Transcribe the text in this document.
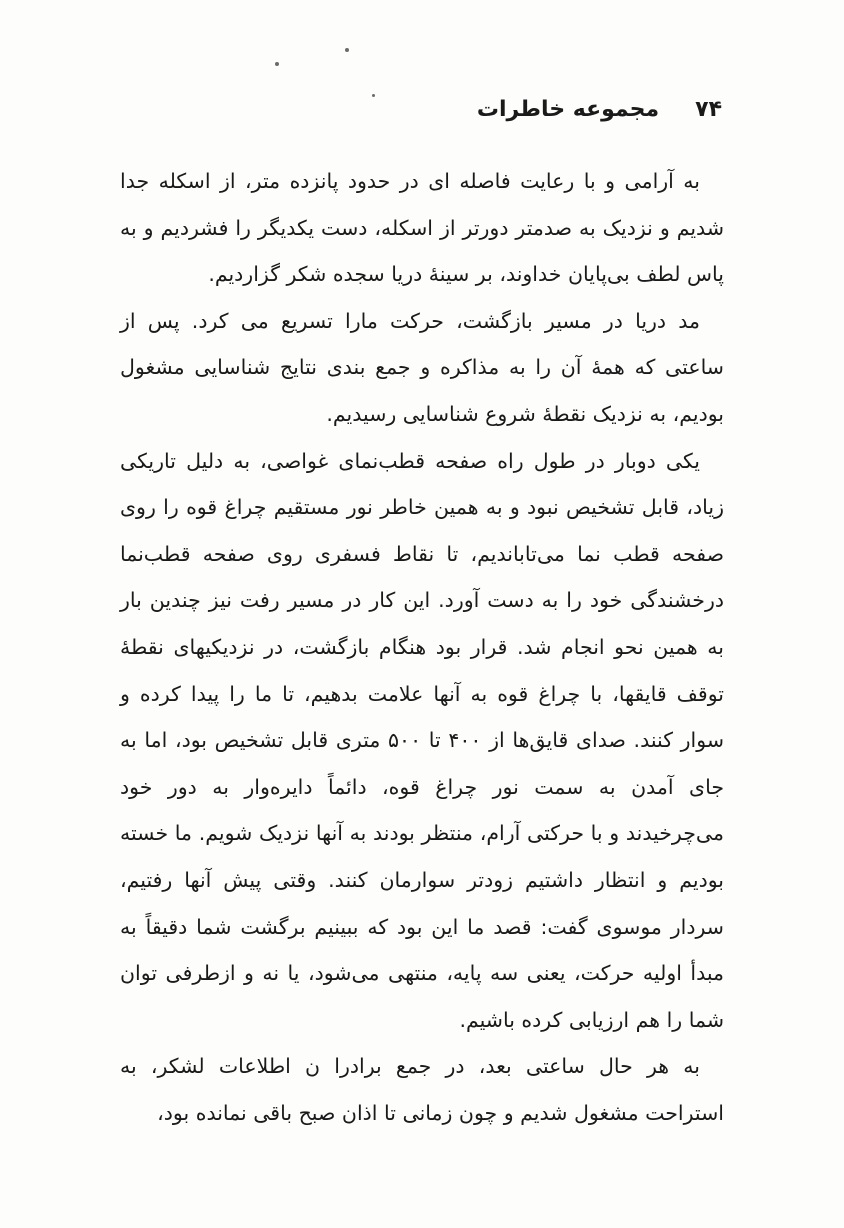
۷۴
مجموعه خاطرات

به آرامی و با رعایت فاصله ای در حدود پانزده متر، از اسکله جدا شدیم و نزدیک به صدمتر دورتر از اسکله، دست یکدیگر را فشردیم و به پاس لطف بی‌پایان خداوند، بر سینهٔ دریا سجده شکر گزاردیم.

مد دریا در مسیر بازگشت، حرکت مارا تسریع می کرد. پس از ساعتی که همهٔ آن را به مذاکره و جمع بندی نتایج شناسایی مشغول بودیم، به نزدیک نقطهٔ شروع شناسایی رسیدیم.

یکی دوبار در طول راه صفحه قطب‌نمای غواصی، به دلیل تاریکی زیاد، قابل تشخیص نبود و به همین خاطر نور مستقیم چراغ قوه را روی صفحه قطب نما می‌تاباندیم، تا نقاط فسفری روی صفحه قطب‌نما درخشندگی خود را به دست آورد. این کار در مسیر رفت نیز چندین بار به همین نحو انجام شد. قرار بود هنگام بازگشت، در نزدیکیهای نقطهٔ توقف قایقها، با چراغ قوه به آنها علامت بدهیم، تا ما را پیدا کرده و سوار کنند. صدای قایق‌ها از ۴۰۰ تا ۵۰۰ متری قابل تشخیص بود، اما به جای آمدن به سمت نور چراغ قوه، دائماً دایره‌وار به دور خود می‌چرخیدند و با حرکتی آرام، منتظر بودند به آنها نزدیک شویم. ما خسته بودیم و انتظار داشتیم زودتر سوارمان کنند. وقتی پیش آنها رفتیم، سردار موسوی گفت: قصد ما این بود که ببینیم برگشت شما دقیقاً به مبدأ اولیه حرکت، یعنی سه پایه، منتهی می‌شود، یا نه و ازطرفی توان شما را هم ارزیابی کرده باشیم.

به هر حال ساعتی بعد، در جمع برادرا ن اطلاعات لشکر، به استراحت مشغول شدیم و چون زمانی تا اذان صبح باقی نمانده بود،
